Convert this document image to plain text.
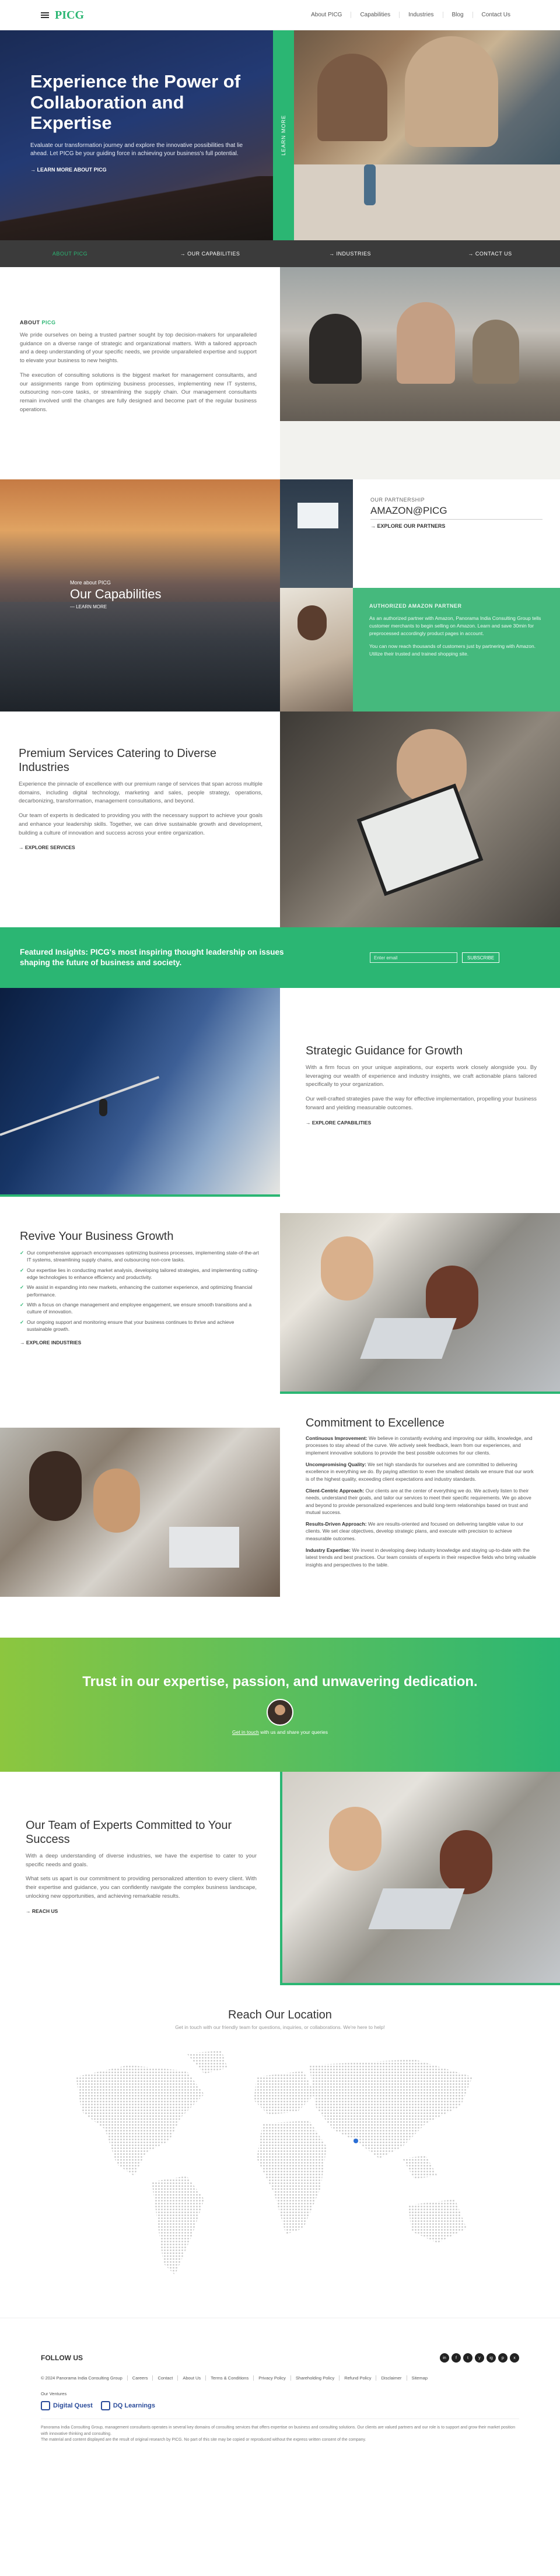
PICG	About PICG	Capabilities	Industries	Blog	Contact Us
Experience the Power of Collaboration and Expertise

Evaluate our transformation journey and explore the innovative possibilities that lie ahead. Let PICG be your guiding force in achieving your business's full potential.

→ LEARN MORE ABOUT PICG
LEARN MORE
ABOUT PICG	→ OUR CAPABILITIES	→ INDUSTRIES	→ CONTACT US
ABOUT PICG

We pride ourselves on being a trusted partner sought by top decision-makers for unparalleled guidance on a diverse range of strategic and organizational matters. With a tailored approach and a deep understanding of your specific needs, we provide unparalleled expertise and support to elevate your business to new heights.

The execution of consulting solutions is the biggest market for management consultants, and our assignments range from optimizing business processes, implementing new IT systems, outsourcing non-core tasks, or streamlining the supply chain. Our management consultants remain involved until the changes are fully designed and become part of the regular business operations.

More about PICG
Our Capabilities
— LEARN MORE
OUR PARTNERSHIP
AMAZON@PICG
→ EXPLORE OUR PARTNERS
AUTHORIZED AMAZON PARTNER

As an authorized partner with Amazon, Panorama India Consulting Group tells customer merchants to begin selling on Amazon. Learn and save 30min for preprocessed accordingly product pages in account.

You can now reach thousands of customers just by partnering with Amazon. Utilize their trusted and trained shopping site.

Premium Services Catering to Diverse Industries

Experience the pinnacle of excellence with our premium range of services that span across multiple domains, including digital technology, marketing and sales, people strategy, operations, decarbonizing, transformation, management consultations, and beyond.

Our team of experts is dedicated to providing you with the necessary support to achieve your goals and enhance your leadership skills. Together, we can drive sustainable growth and development, building a culture of innovation and success across your entire organization.

→ EXPLORE SERVICES
Featured Insights: PICG's most inspiring thought leadership on issues shaping the future of business and society.
Enter email	SUBSCRIBE
Strategic Guidance for Growth

With a firm focus on your unique aspirations, our experts work closely alongside you. By leveraging our wealth of experience and industry insights, we craft actionable plans tailored specifically to your organization.

Our well-crafted strategies pave the way for effective implementation, propelling your business forward and yielding measurable outcomes.

→ EXPLORE CAPABILITIES
Revive Your Business Growth
✓ Our comprehensive approach encompasses optimizing business processes, implementing state-of-the-art IT systems, streamlining supply chains, and outsourcing non-core tasks.
✓ Our expertise lies in conducting market analysis, developing tailored strategies, and implementing cutting-edge technologies to enhance efficiency and productivity.
✓ We assist in expanding into new markets, enhancing the customer experience, and optimizing financial performance.
✓ With a focus on change management and employee engagement, we ensure smooth transitions and a culture of innovation.
✓ Our ongoing support and monitoring ensure that your business continues to thrive and achieve sustainable growth.
→ EXPLORE INDUSTRIES
Commitment to Excellence

Continuous Improvement: We believe in constantly evolving and improving our skills, knowledge, and processes to stay ahead of the curve. We actively seek feedback, learn from our experiences, and implement innovative solutions to provide the best possible outcomes for our clients.

Uncompromising Quality: We set high standards for ourselves and are committed to delivering excellence in everything we do. By paying attention to even the smallest details we ensure that our work is of the highest quality, exceeding client expectations and industry standards.

Client-Centric Approach: Our clients are at the center of everything we do. We actively listen to their needs, understand their goals, and tailor our services to meet their specific requirements. We go above and beyond to provide personalized experiences and build long-term relationships based on trust and mutual success.

Results-Driven Approach: We are results-oriented and focused on delivering tangible value to our clients. We set clear objectives, develop strategic plans, and execute with precision to achieve measurable outcomes.

Industry Expertise: We invest in developing deep industry knowledge and staying up-to-date with the latest trends and best practices. Our team consists of experts in their respective fields who bring valuable insights and perspectives to the table.

Trust in our expertise, passion, and unwavering dedication.
Get in touch with us and share your queries
Our Team of Experts Committed to Your Success

With a deep understanding of diverse industries, we have the expertise to cater to your specific needs and goals.

What sets us apart is our commitment to providing personalized attention to every client. With their expertise and guidance, you can confidently navigate the complex business landscape, unlocking new opportunities, and achieving remarkable results.

→ REACH US
Reach Our Location
Get in touch with our friendly team for questions, inquiries, or collaborations. We're here to help!
FOLLOW US	in	f	t	y	ig	p	x
© 2024 Panorama India Consulting Group	Careers	Contact	About Us	Terms & Conditions	Privacy Policy	Shareholding Policy	Refund Policy	Disclaimer	Sitemap
Our Ventures
Digital Quest	DQ Learnings
Panorama India Consulting Group, management consultants operates in several key domains of consulting services that offers expertise on business and consulting solutions. Our clients are valued partners and our role is to support and grow their market position with innovative thinking and consulting.
The material and content displayed are the result of original research by PICG. No part of this site may be copied or reproduced without the express written consent of the company.
